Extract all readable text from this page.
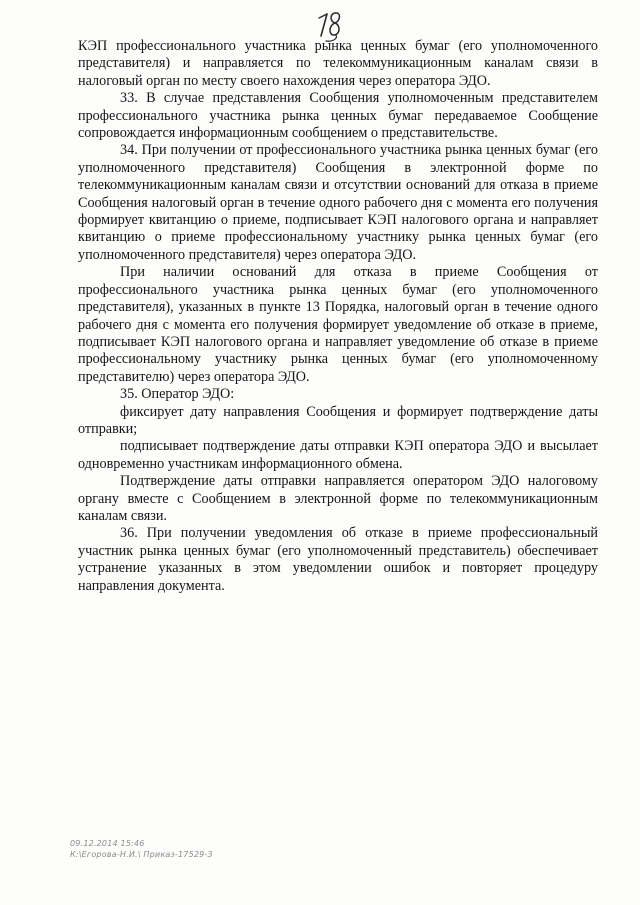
КЭП профессионального участника рынка ценных бумаг (его уполномоченного представителя) и направляется по телекоммуникационным каналам связи в налоговый орган по месту своего нахождения через оператора ЭДО.

33. В случае представления Сообщения уполномоченным представителем профессионального участника рынка ценных бумаг передаваемое Сообщение сопровождается информационным сообщением о представительстве.

34. При получении от профессионального участника рынка ценных бумаг (его уполномоченного представителя) Сообщения в электронной форме по телекоммуникационным каналам связи и отсутствии оснований для отказа в приеме Сообщения налоговый орган в течение одного рабочего дня с момента его получения формирует квитанцию о приеме, подписывает КЭП налогового органа и направляет квитанцию о приеме профессиональному участнику рынка ценных бумаг (его уполномоченного представителя) через оператора ЭДО.

При наличии оснований для отказа в приеме Сообщения от профессионального участника рынка ценных бумаг (его уполномоченного представителя), указанных в пункте 13 Порядка, налоговый орган в течение одного рабочего дня с момента его получения формирует уведомление об отказе в приеме, подписывает КЭП налогового органа и направляет уведомление об отказе в приеме профессиональному участнику рынка ценных бумаг (его уполномоченному представителю) через оператора ЭДО.

35. Оператор ЭДО:

фиксирует дату направления Сообщения и формирует подтверждение даты отправки;

подписывает подтверждение даты отправки КЭП оператора ЭДО и высылает одновременно участникам информационного обмена.

Подтверждение даты отправки направляется оператором ЭДО налоговому органу вместе с Сообщением в электронной форме по телекоммуникационным каналам связи.

36. При получении уведомления об отказе в приеме профессиональный участник рынка ценных бумаг (его уполномоченный представитель) обеспечивает устранение указанных в этом уведомлении ошибок и повторяет процедуру направления документа.

09.12.2014 15:46
К:\Егорова-Н.И.\ Приказ-17529-3
